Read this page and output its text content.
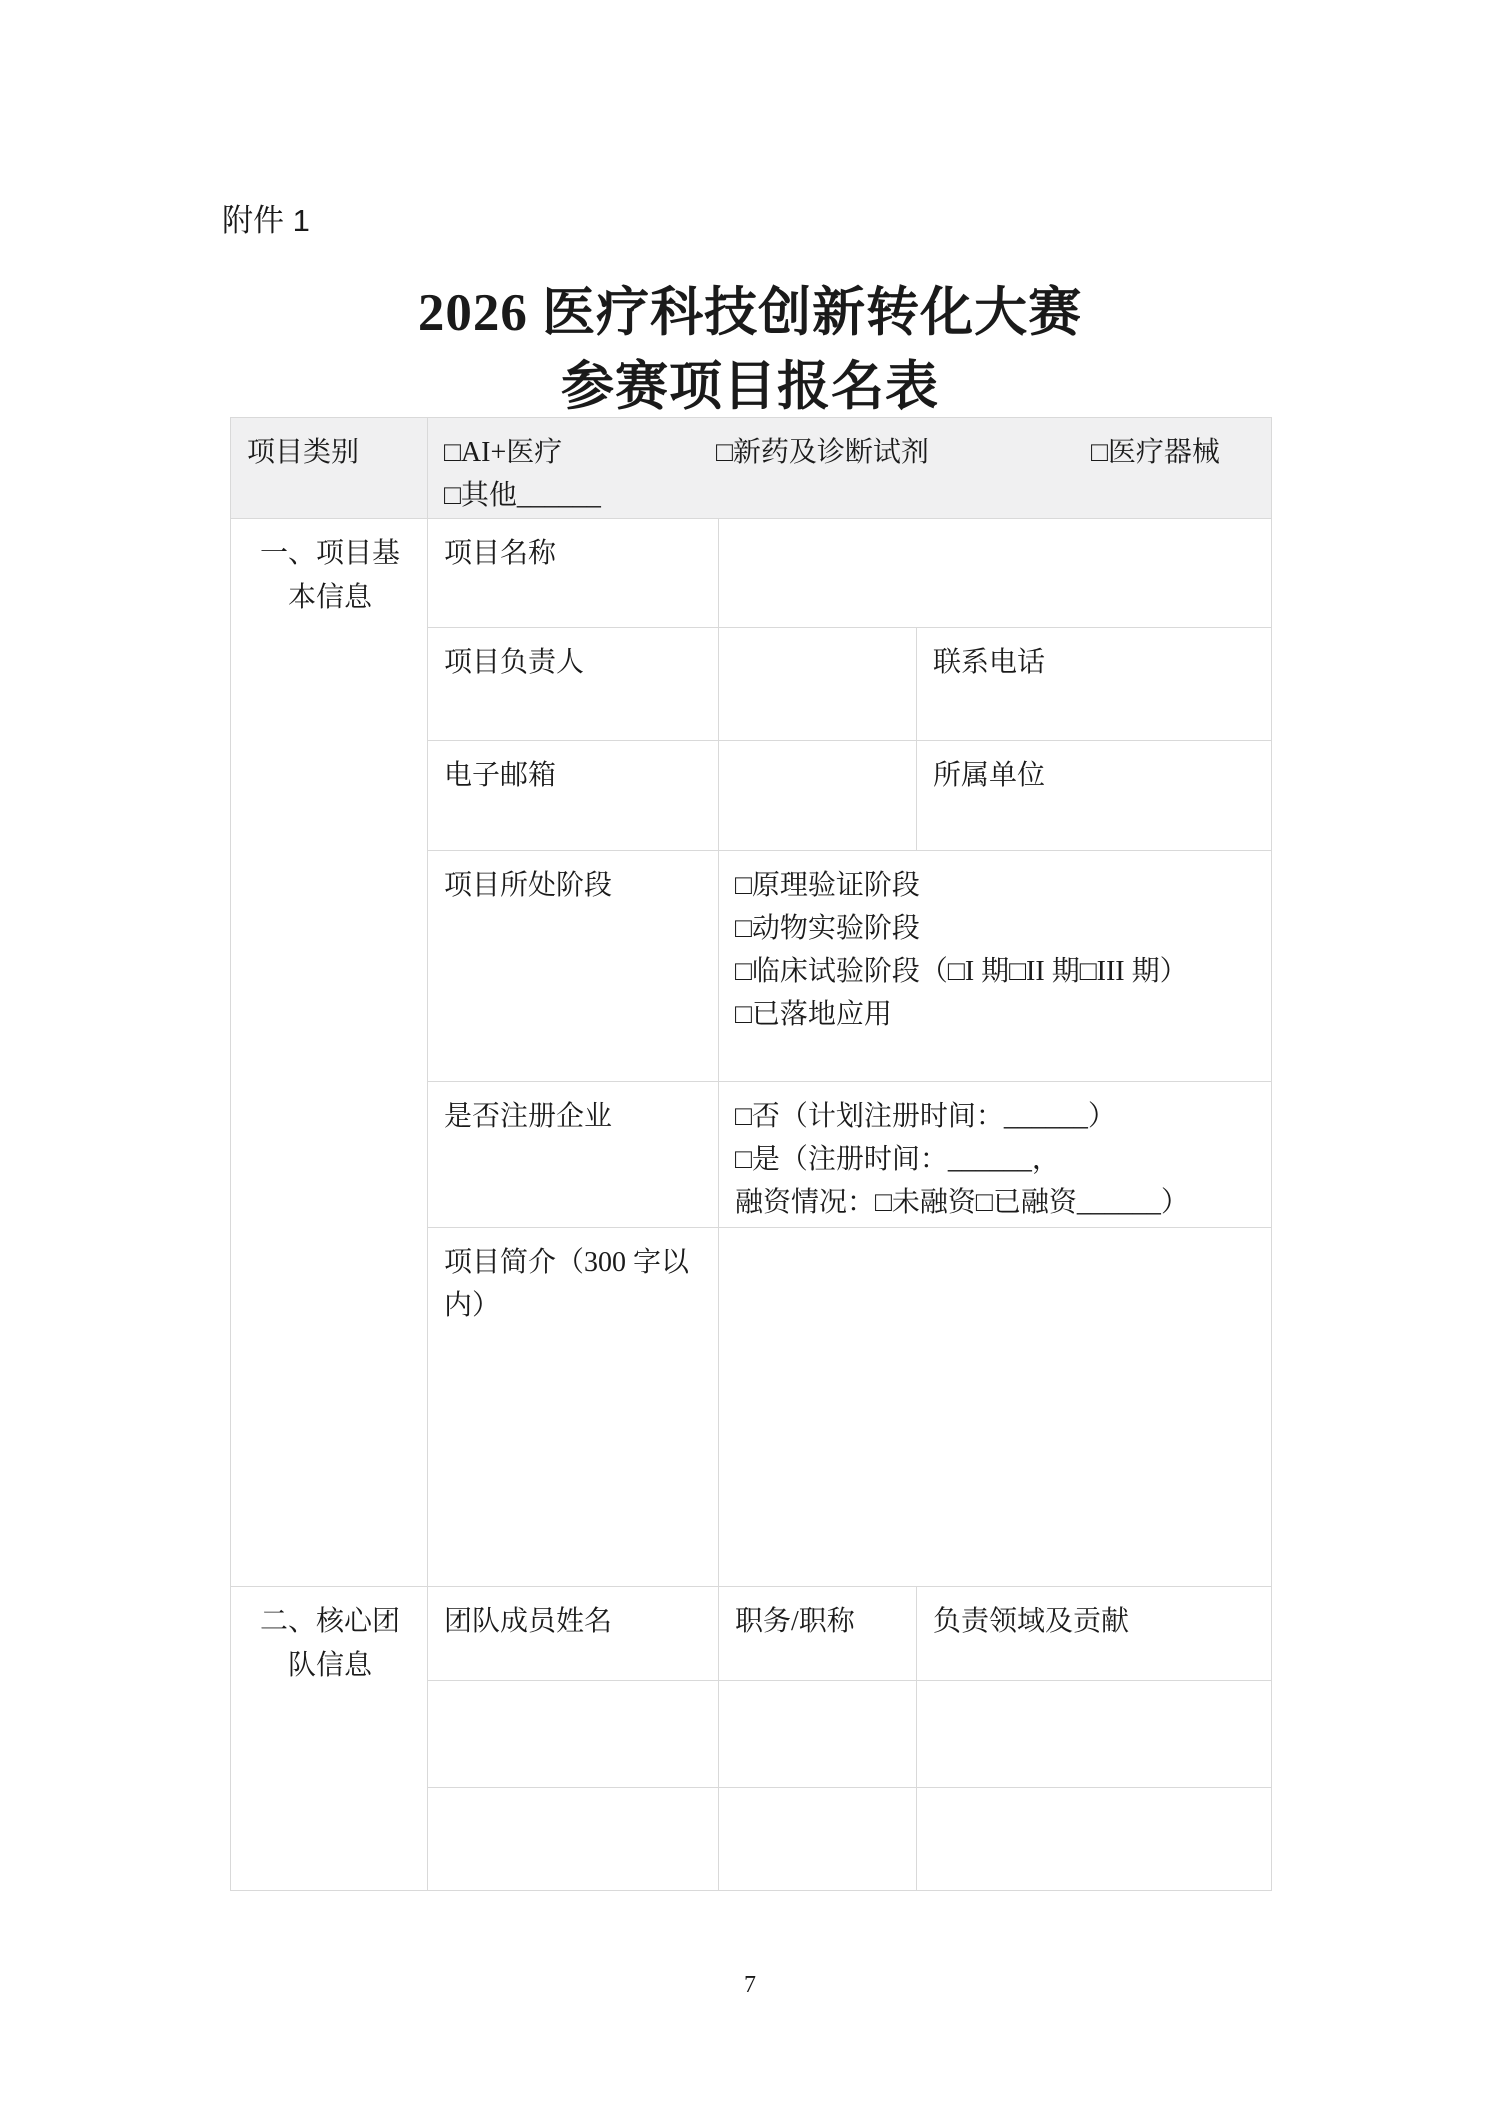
附件 1
2026 医疗科技创新转化大赛
参赛项目报名表
项目类别	□AI+医疗 □新药及诊断试剂 □医疗器械
□其他______		

一、项目基本信息	项目名称		
	项目负责人		联系电话
	电子邮箱		所属单位
	项目所处阶段	□原理验证阶段
□动物实验阶段
□临床试验阶段（□I 期□II 期□III 期）
□已落地应用	

	是否注册企业	□否（计划注册时间：______）
□是（注册时间：______，
融资情况：□未融资□已融资______）	

	项目简介（300 字以内）		

二、核心团队信息	团队成员姓名	职务/职称	负责领域及贡献

7
